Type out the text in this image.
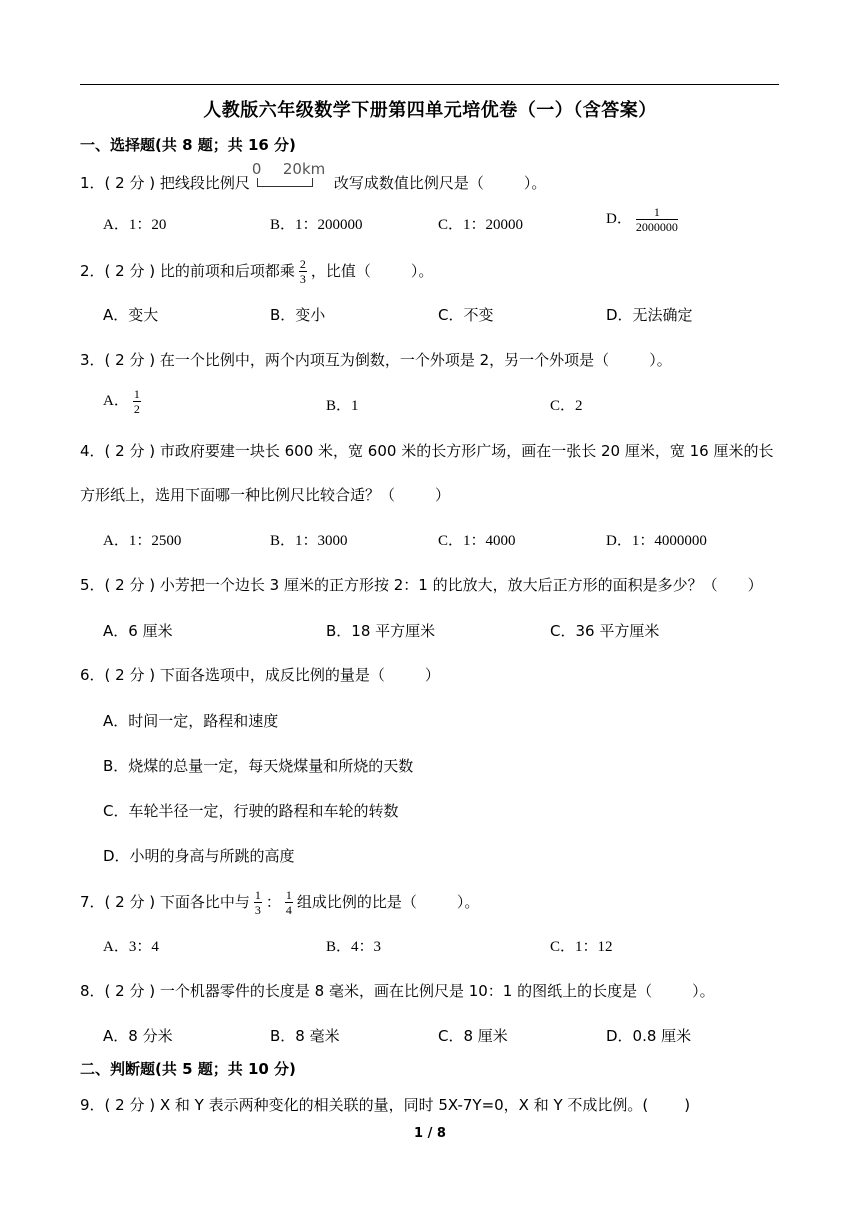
人教版六年级数学下册第四单元培优卷（一）（含答案）
一、选择题(共 8 题；共 16 分)
1．( 2 分 ) 把线段比例尺
0 20km
改写成数值比例尺是（	）。
A．1：20	B．1：200000	C．1：20000	D． $\frac{1}{2000000}$
2．( 2 分 ) 比的前项和后项都乘 $\frac{2}{3}$ ，比值（	）。
A．变大	B．变小	C．不变	D．无法确定
3．( 2 分 ) 在一个比例中，两个内项互为倒数，一个外项是 2，另一个外项是（	）。
A． $\frac{1}{2}$	B．1	C．2
4．( 2 分 ) 市政府要建一块长 600 米，宽 600 米的长方形广场，画在一张长 20 厘米，宽 16 厘米的长
方形纸上，选用下面哪一种比例尺比较合适？（	）
A．1：2500	B．1：3000	C．1：4000	D．1：4000000
5．( 2 分 ) 小芳把一个边长 3 厘米的正方形按 2：1 的比放大，放大后正方形的面积是多少？（ ）
A．6 厘米	B．18 平方厘米	C．36 平方厘米
6．( 2 分 ) 下面各选项中，成反比例的量是（	）
A．时间一定，路程和速度
B．烧煤的总量一定，每天烧煤量和所烧的天数
C．车轮半径一定，行驶的路程和车轮的转数
D．小明的身高与所跳的高度
7．( 2 分 ) 下面各比中与 $\frac{1}{3}$ ： $\frac{1}{4}$ 组成比例的比是（	）。
A．3：4	B．4：3	C．1：12
8．( 2 分 ) 一个机器零件的长度是 8 毫米，画在比例尺是 10：1 的图纸上的长度是（	）。
A．8 分米	B．8 毫米	C．8 厘米	D．0.8 厘米
二、判断题(共 5 题；共 10 分)
9．( 2 分 ) X 和 Y 表示两种变化的相关联的量，同时 5X-7Y=0，X 和 Y 不成比例。( )
1 / 8
